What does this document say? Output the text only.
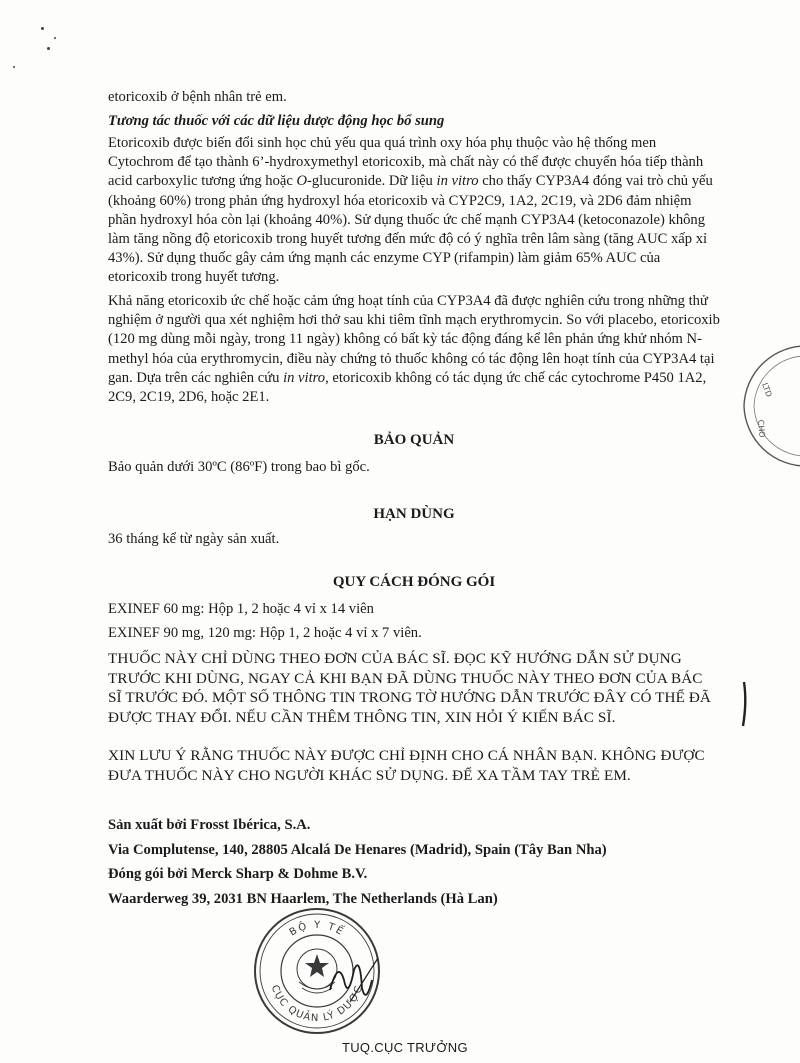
etoricoxib ở bệnh nhân trẻ em.

Tương tác thuốc với các dữ liệu dược động học bổ sung

Etoricoxib được biến đổi sinh học chủ yếu qua quá trình oxy hóa phụ thuộc vào hệ thống men Cytochrom để tạo thành 6’-hydroxymethyl etoricoxib, mà chất này có thể được chuyển hóa tiếp thành acid carboxylic tương ứng hoặc O-glucuronide. Dữ liệu in vitro cho thấy CYP3A4 đóng vai trò chủ yếu (khoảng 60%) trong phản ứng hydroxyl hóa etoricoxib và CYP2C9, 1A2, 2C19, và 2D6 đảm nhiệm phần hydroxyl hóa còn lại (khoảng 40%). Sử dụng thuốc ức chế mạnh CYP3A4 (ketoconazole) không làm tăng nồng độ etoricoxib trong huyết tương đến mức độ có ý nghĩa trên lâm sàng (tăng AUC xấp xỉ 43%). Sử dụng thuốc gây cảm ứng mạnh các enzyme CYP (rifampin) làm giảm 65% AUC của etoricoxib trong huyết tương.

Khả năng etoricoxib ức chế hoặc cảm ứng hoạt tính của CYP3A4 đã được nghiên cứu trong những thử nghiệm ở người qua xét nghiệm hơi thở sau khi tiêm tĩnh mạch erythromycin. So với placebo, etoricoxib (120 mg dùng mỗi ngày, trong 11 ngày) không có bất kỳ tác động đáng kể lên phản ứng khử nhóm N-methyl hóa của erythromycin, điều này chứng tỏ thuốc không có tác động lên hoạt tính của CYP3A4 tại gan. Dựa trên các nghiên cứu in vitro, etoricoxib không có tác dụng ức chế các cytochrome P450 1A2, 2C9, 2C19, 2D6, hoặc 2E1.

BẢO QUẢN

Bảo quản dưới 30ºC (86ºF) trong bao bì gốc.

HẠN DÙNG

36 tháng kể từ ngày sản xuất.

QUY CÁCH ĐÓNG GÓI

EXINEF 60 mg: Hộp 1, 2 hoặc 4 vỉ x 14 viên

EXINEF 90 mg, 120 mg: Hộp 1, 2 hoặc 4 vỉ x 7 viên.

THUỐC NÀY CHỈ DÙNG THEO ĐƠN CỦA BÁC SĨ. ĐỌC KỸ HƯỚNG DẪN SỬ DỤNG TRƯỚC KHI DÙNG, NGAY CẢ KHI BẠN ĐÃ DÙNG THUỐC NÀY THEO ĐƠN CỦA BÁC SĨ TRƯỚC ĐÓ. MỘT SỐ THÔNG TIN TRONG TỜ HƯỚNG DẪN TRƯỚC ĐÂY CÓ THỂ ĐÃ ĐƯỢC THAY ĐỔI. NẾU CẦN THÊM THÔNG TIN, XIN HỎI Ý KIẾN BÁC SĨ.

XIN LƯU Ý RẰNG THUỐC NÀY ĐƯỢC CHỈ ĐỊNH CHO CÁ NHÂN BẠN. KHÔNG ĐƯỢC ĐƯA THUỐC NÀY CHO NGƯỜI KHÁC SỬ DỤNG. ĐỂ XA TẦM TAY TRẺ EM.

Sản xuất bởi Frosst Ibérica, S.A.
Via Complutense, 140, 28805 Alcalá De Henares (Madrid), Spain (Tây Ban Nha)
Đóng gói bởi Merck Sharp & Dohme B.V.
Waarderweg 39, 2031 BN Haarlem, The Netherlands (Hà Lan)
LTD
CHO
BỘ Y TẾ
CỤC QUẢN LÝ DƯỢC
TUQ.CỤC TRƯỞNG
